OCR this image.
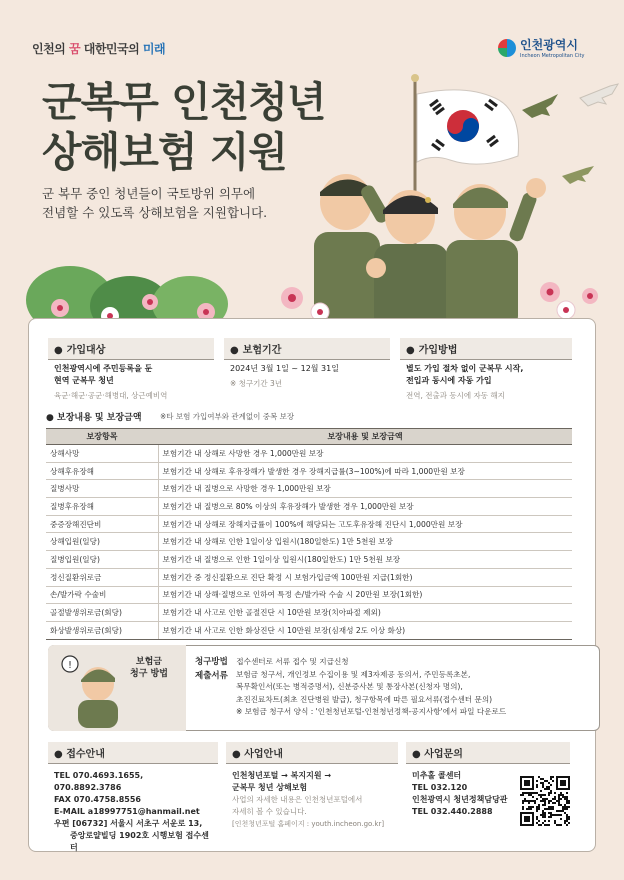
인천의 꿈 대한민국의 미래	인천광역시
Incheon Metropolitan City
군복무 인천청년
상해보험 지원
군 복무 중인 청년들이 국토방위 의무에
전념할 수 있도록 상해보험을 지원합니다.
● 가입대상
인천광역시에 주민등록을 둔
현역 군복무 청년
육군·해군·공군·해병대, 상근예비역
● 보험기간
2024년 3월 1일 ~ 12월 31일
※ 청구기간 3년
● 가입방법
별도 가입 절차 없이 군복무 시작,
전입과 동시에 자동 가입
전역, 전출과 동시에 자동 해지
● 보장내용 및 보장금액 ※타 보험 가입여부와 관계없이 중복 보장
보장항목	보장내용 및 보장금액
상해사망	보험기간 내 상해로 사망한 경우 1,000만원 보장
상해후유장해	보험기간 내 상해로 후유장해가 발생한 경우 장해지급률(3~100%)에 따라 1,000만원 보장
질병사망	보험기간 내 질병으로 사망한 경우 1,000만원 보장
질병후유장해	보험기간 내 질병으로 80% 이상의 후유장해가 발생한 경우 1,000만원 보장
중증장해진단비	보험기간 내 상해로 장해지급률이 100%에 해당되는 고도후유장해 진단시 1,000만원 보장
상해입원(일당)	보험기간 내 상해로 인한 1일이상 입원시(180일한도) 1만 5천원 보장
질병입원(일당)	보험기간 내 질병으로 인한 1일이상 입원시(180일한도) 1만 5천원 보장
정신질환위로금	보험기간 중 정신질환으로 진단 확정 시 보험가입금액 100만원 지급(1회한)
손/발가락 수술비	보험기간 내 상해·질병으로 인하여 특정 손/발가락 수술 시 20만원 보장(1회한)
골절발생위로금(회당)	보험기간 내 사고로 인한 골절진단 시 10만원 보장(치아파절 제외)
화상발생위로금(회당)	보험기간 내 사고로 인한 화상진단 시 10만원 보장(심재성 2도 이상 화상)
!	보험금
청구 방법
청구방법 접수센터로 서류 접수 및 지급신청
제출서류 보험금 청구서, 개인정보 수집이용 및 제3자제공 동의서, 주민등록초본,
복무확인서(또는 병적증명서), 신분증사본 및 통장사본(신청자 명의),
초진진료차트(최초 진단병원 발급), 청구항목에 따른 필요서류(접수센터 문의)
※ 보험금 청구서 양식 : '인천청년포털-인천청년정책-공지사항'에서 파일 다운로드
● 접수안내
TEL 070.4693.1655, 070.8892.3786
FAX 070.4758.8556
E-MAIL a18997751@hanmail.net
우편 [06732] 서울시 서초구 서운로 13,
중앙로얄빌딩 1902호 시행보험 접수센터
● 사업안내
인천청년포털 → 복지지원 →
군복무 청년 상해보험
사업의 자세한 내용은 인천청년포털에서
자세히 볼 수 있습니다.
[인천청년포털 홈페이지 : youth.incheon.go.kr]
● 사업문의
미추홀 콜센터
TEL 032.120
인천광역시 청년정책담당관
TEL 032.440.2888
